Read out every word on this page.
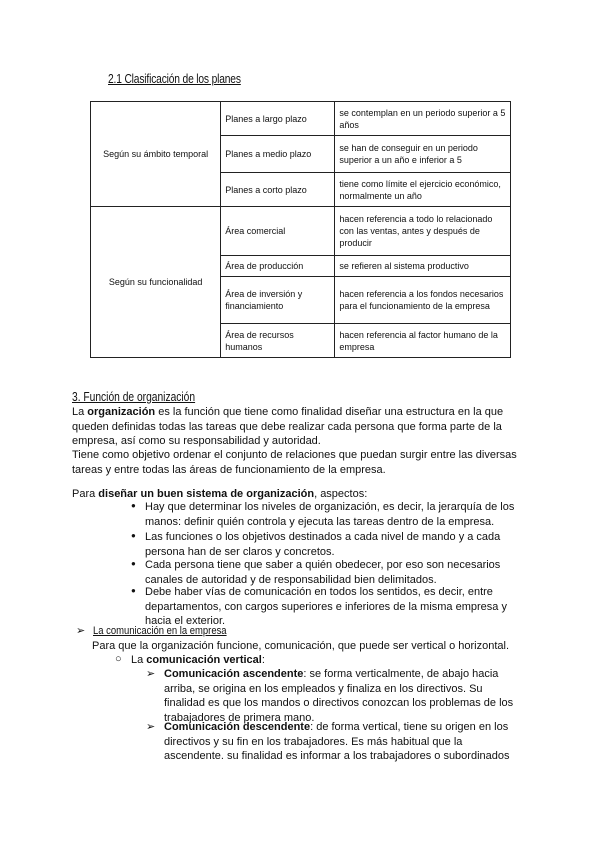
2.1 Clasificación de los planes
Según su ámbito temporal	Planes a largo plazo	se contemplan en un periodo superior a 5 años
	Planes a medio plazo	se han de conseguir en un periodo superior a un año e inferior a 5
	Planes a corto plazo	tiene como límite el ejercicio económico, normalmente un año
Según su funcionalidad	Área comercial	hacen referencia a todo lo relacionado con las ventas, antes y después de producir
	Área de producción	se refieren al sistema productivo
	Área de inversión y financiamiento	hacen referencia a los fondos necesarios para el funcionamiento de la empresa
	Área de recursos humanos	hacen referencia al factor humano de la empresa
3. Función de organización
La organización es la función que tiene como finalidad diseñar una estructura en la que queden definidas todas las tareas que debe realizar cada persona que forma parte de la empresa, así como su responsabilidad y autoridad.
Tiene como objetivo ordenar el conjunto de relaciones que puedan surgir entre las diversas tareas y entre todas las áreas de funcionamiento de la empresa.
Para diseñar un buen sistema de organización, aspectos:
● Hay que determinar los niveles de organización, es decir, la jerarquía de los manos: definir quién controla y ejecuta las tareas dentro de la empresa.
● Las funciones o los objetivos destinados a cada nivel de mando y a cada persona han de ser claros y concretos.
● Cada persona tiene que saber a quién obedecer, por eso son necesarios canales de autoridad y de responsabilidad bien delimitados.
● Debe haber vías de comunicación en todos los sentidos, es decir, entre departamentos, con cargos superiores e inferiores de la misma empresa y hacia el exterior.
➢ La comunicación en la empresa
Para que la organización funcione, comunicación, que puede ser vertical o horizontal.
○ La comunicación vertical:
➢ Comunicación ascendente: se forma verticalmente, de abajo hacia arriba, se origina en los empleados y finaliza en los directivos. Su finalidad es que los mandos o directivos conozcan los problemas de los trabajadores de primera mano.
➢ Comunicación descendente: de forma vertical, tiene su origen en los directivos y su fin en los trabajadores. Es más habitual que la ascendente. su finalidad es informar a los trabajadores o subordinados
